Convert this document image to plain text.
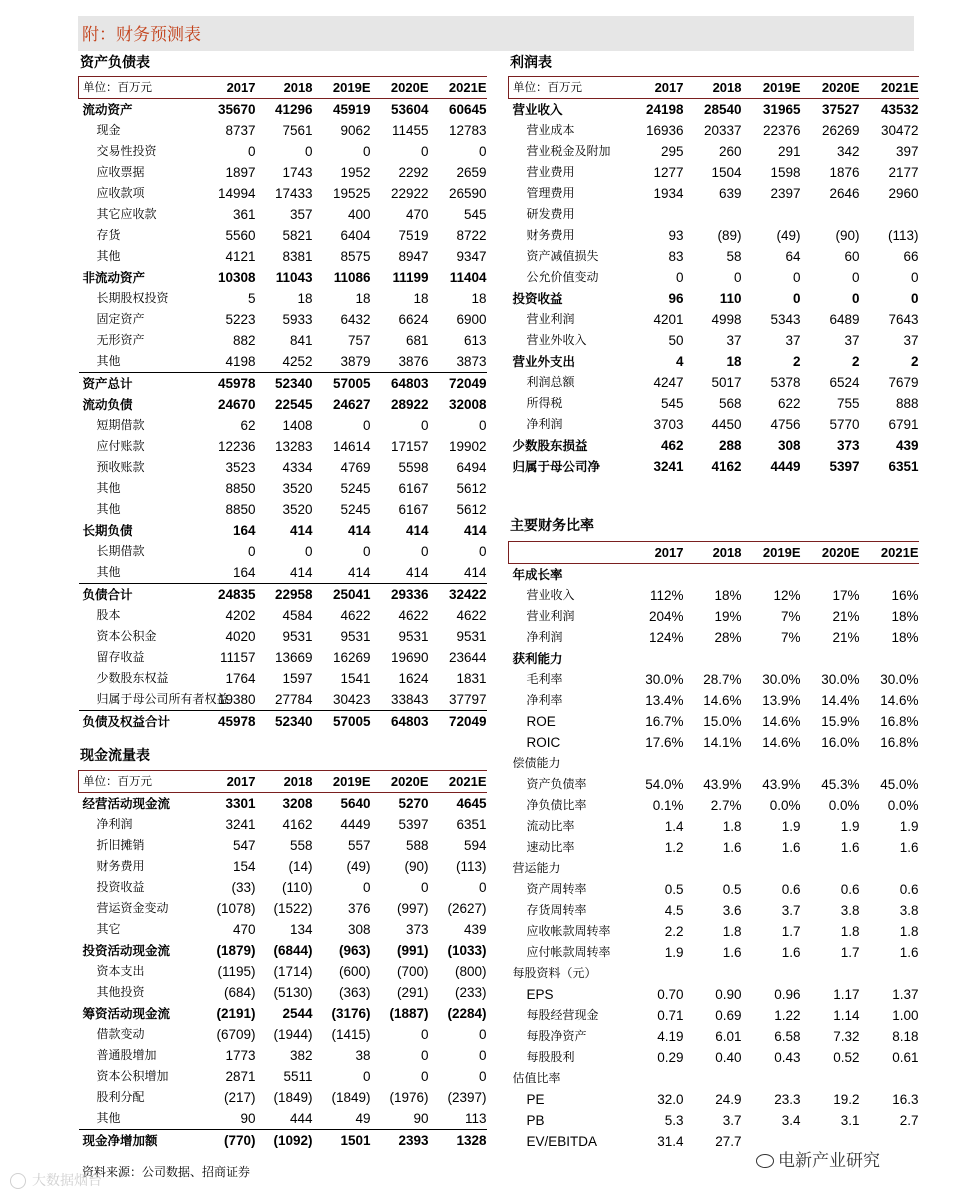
附：财务预测表
资产负债表
单位：百万元	2017	2018	2019E	2020E	2021E
流动资产	35670	41296	45919	53604	60645
现金	8737	7561	9062	11455	12783
交易性投资	0	0	0	0	0
应收票据	1897	1743	1952	2292	2659
应收款项	14994	17433	19525	22922	26590
其它应收款	361	357	400	470	545
存货	5560	5821	6404	7519	8722
其他	4121	8381	8575	8947	9347
非流动资产	10308	11043	11086	11199	11404
长期股权投资	5	18	18	18	18
固定资产	5223	5933	6432	6624	6900
无形资产	882	841	757	681	613
其他	4198	4252	3879	3876	3873
资产总计	45978	52340	57005	64803	72049
流动负债	24670	22545	24627	28922	32008
短期借款	62	1408	0	0	0
应付账款	12236	13283	14614	17157	19902
预收账款	3523	4334	4769	5598	6494
其他	8850	3520	5245	6167	5612
其他	8850	3520	5245	6167	5612
长期负债	164	414	414	414	414
长期借款	0	0	0	0	0
其他	164	414	414	414	414
负债合计	24835	22958	25041	29336	32422
股本	4202	4584	4622	4622	4622
资本公积金	4020	9531	9531	9531	9531
留存收益	11157	13669	16269	19690	23644
少数股东权益	1764	1597	1541	1624	1831
归属于母公司所有者权益	19380	27784	30423	33843	37797
负债及权益合计	45978	52340	57005	64803	72049
现金流量表
单位：百万元	2017	2018	2019E	2020E	2021E
经营活动现金流	3301	3208	5640	5270	4645
净利润	3241	4162	4449	5397	6351
折旧摊销	547	558	557	588	594
财务费用	154	(14)	(49)	(90)	(113)
投资收益	(33)	(110)	0	0	0
营运资金变动	(1078)	(1522)	376	(997)	(2627)
其它	470	134	308	373	439
投资活动现金流	(1879)	(6844)	(963)	(991)	(1033)
资本支出	(1195)	(1714)	(600)	(700)	(800)
其他投资	(684)	(5130)	(363)	(291)	(233)
筹资活动现金流	(2191)	2544	(3176)	(1887)	(2284)
借款变动	(6709)	(1944)	(1415)	0	0
普通股增加	1773	382	38	0	0
资本公积增加	2871	5511	0	0	0
股利分配	(217)	(1849)	(1849)	(1976)	(2397)
其他	90	444	49	90	113
现金净增加额	(770)	(1092)	1501	2393	1328
利润表
单位：百万元	2017	2018	2019E	2020E	2021E
营业收入	24198	28540	31965	37527	43532
营业成本	16936	20337	22376	26269	30472
营业税金及附加	295	260	291	342	397
营业费用	1277	1504	1598	1876	2177
管理费用	1934	639	2397	2646	2960
研发费用					
财务费用	93	(89)	(49)	(90)	(113)
资产减值损失	83	58	64	60	66
公允价值变动	0	0	0	0	0
投资收益	96	110	0	0	0
营业利润	4201	4998	5343	6489	7643
营业外收入	50	37	37	37	37
营业外支出	4	18	2	2	2
利润总额	4247	5017	5378	6524	7679
所得税	545	568	622	755	888
净利润	3703	4450	4756	5770	6791
少数股东损益	462	288	308	373	439
归属于母公司净	3241	4162	4449	5397	6351
主要财务比率
	2017	2018	2019E	2020E	2021E
年成长率					
营业收入	112%	18%	12%	17%	16%
营业利润	204%	19%	7%	21%	18%
净利润	124%	28%	7%	21%	18%
获利能力					
毛利率	30.0%	28.7%	30.0%	30.0%	30.0%
净利率	13.4%	14.6%	13.9%	14.4%	14.6%
ROE	16.7%	15.0%	14.6%	15.9%	16.8%
ROIC	17.6%	14.1%	14.6%	16.0%	16.8%
偿债能力					
资产负债率	54.0%	43.9%	43.9%	45.3%	45.0%
净负债比率	0.1%	2.7%	0.0%	0.0%	0.0%
流动比率	1.4	1.8	1.9	1.9	1.9
速动比率	1.2	1.6	1.6	1.6	1.6
营运能力					
资产周转率	0.5	0.5	0.6	0.6	0.6
存货周转率	4.5	3.6	3.7	3.8	3.8
应收帐款周转率	2.2	1.8	1.7	1.8	1.8
应付帐款周转率	1.9	1.6	1.6	1.7	1.6
每股资料（元）					
EPS	0.70	0.90	0.96	1.17	1.37
每股经营现金	0.71	0.69	1.22	1.14	1.00
每股净资产	4.19	6.01	6.58	7.32	8.18
每股股利	0.29	0.40	0.43	0.52	0.61
估值比率					
PE	32.0	24.9	23.3	19.2	16.3
PB	5.3	3.7	3.4	3.1	2.7
EV/EBITDA	31.4	27.7			
资料来源：公司数据、招商证券
大数据烟台
电新产业研究
